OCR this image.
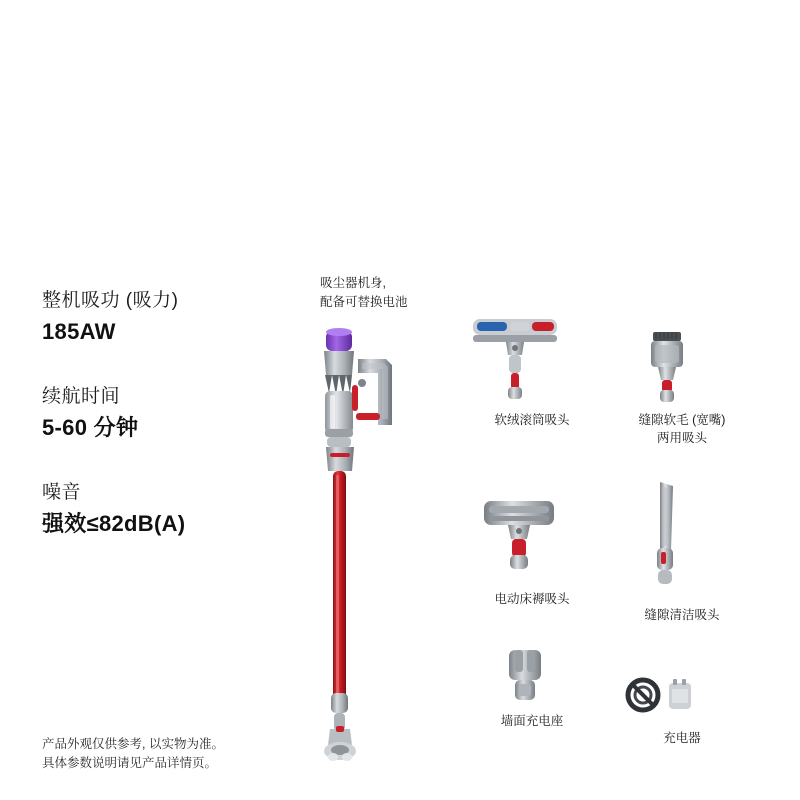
整机吸功 (吸力)
185AW
续航时间
5-60 分钟
噪音
强效≤82dB(A)
产品外观仅供参考, 以实物为准。
具体参数说明请见产品详情页。
吸尘器机身,
配备可替换电池
软绒滚筒吸头	缝隙软毛 (宽嘴)
两用吸头
电动床褥吸头
缝隙清洁吸头
墙面充电座
充电器
